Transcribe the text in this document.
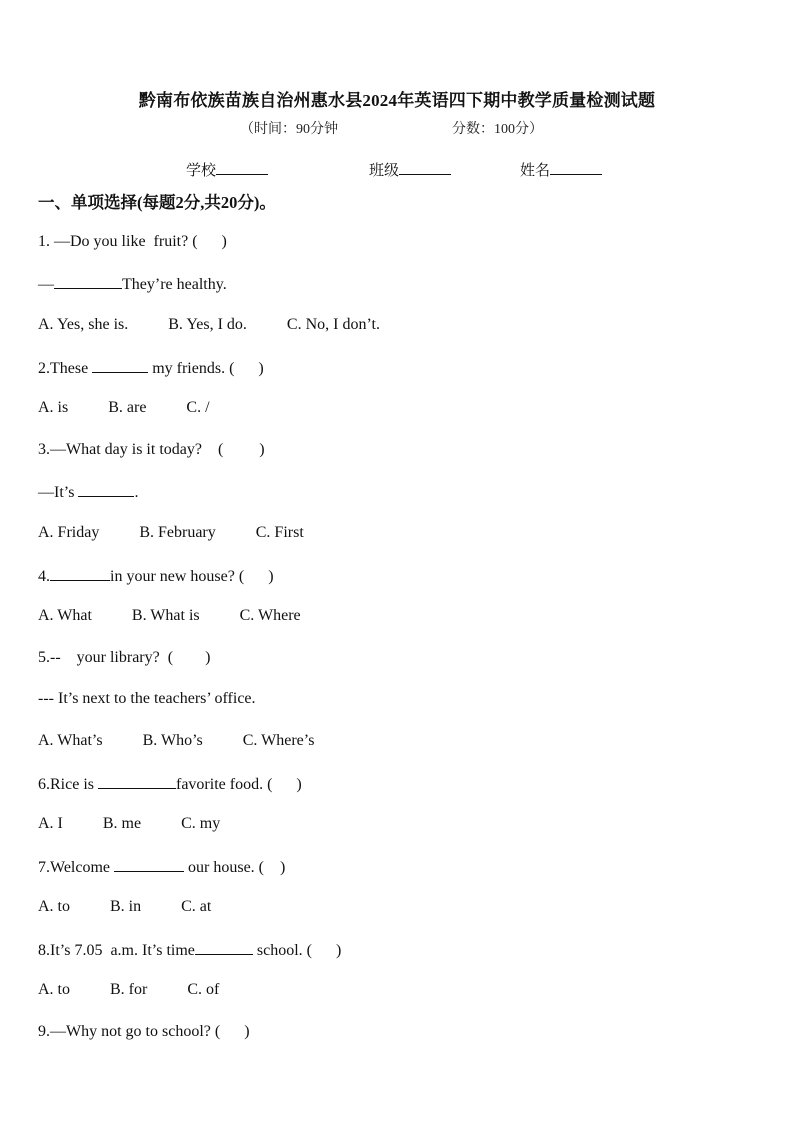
黔南布依族苗族自治州惠水县2024年英语四下期中教学质量检测试题
（时间：90分钟	分数：100分）
学校	班级	姓名
一、单项选择(每题2分,共20分)。
1. —Do you like  fruit? (      )
—	They’re healthy.
A. Yes, she is.          B. Yes, I do.          C. No, I don’t.
2.These	my friends. (      )
A. is          B. are          C. /
3.—What day is it today?    (         )
—It’s	.
A. Friday          B. February          C. First
4.	in your new house? (      )
A. What          B. What is          C. Where
5.--    your library?  (        )
--- It’s next to the teachers’ office.
A. What’s          B. Who’s          C. Where’s
6.Rice is	favorite food. (      )
A. I          B. me          C. my
7.Welcome	our house. (    )
A. to          B. in          C. at
8.It’s 7.05  a.m. It’s time	school. (      )
A. to          B. for          C. of
9.—Why not go to school? (      )
